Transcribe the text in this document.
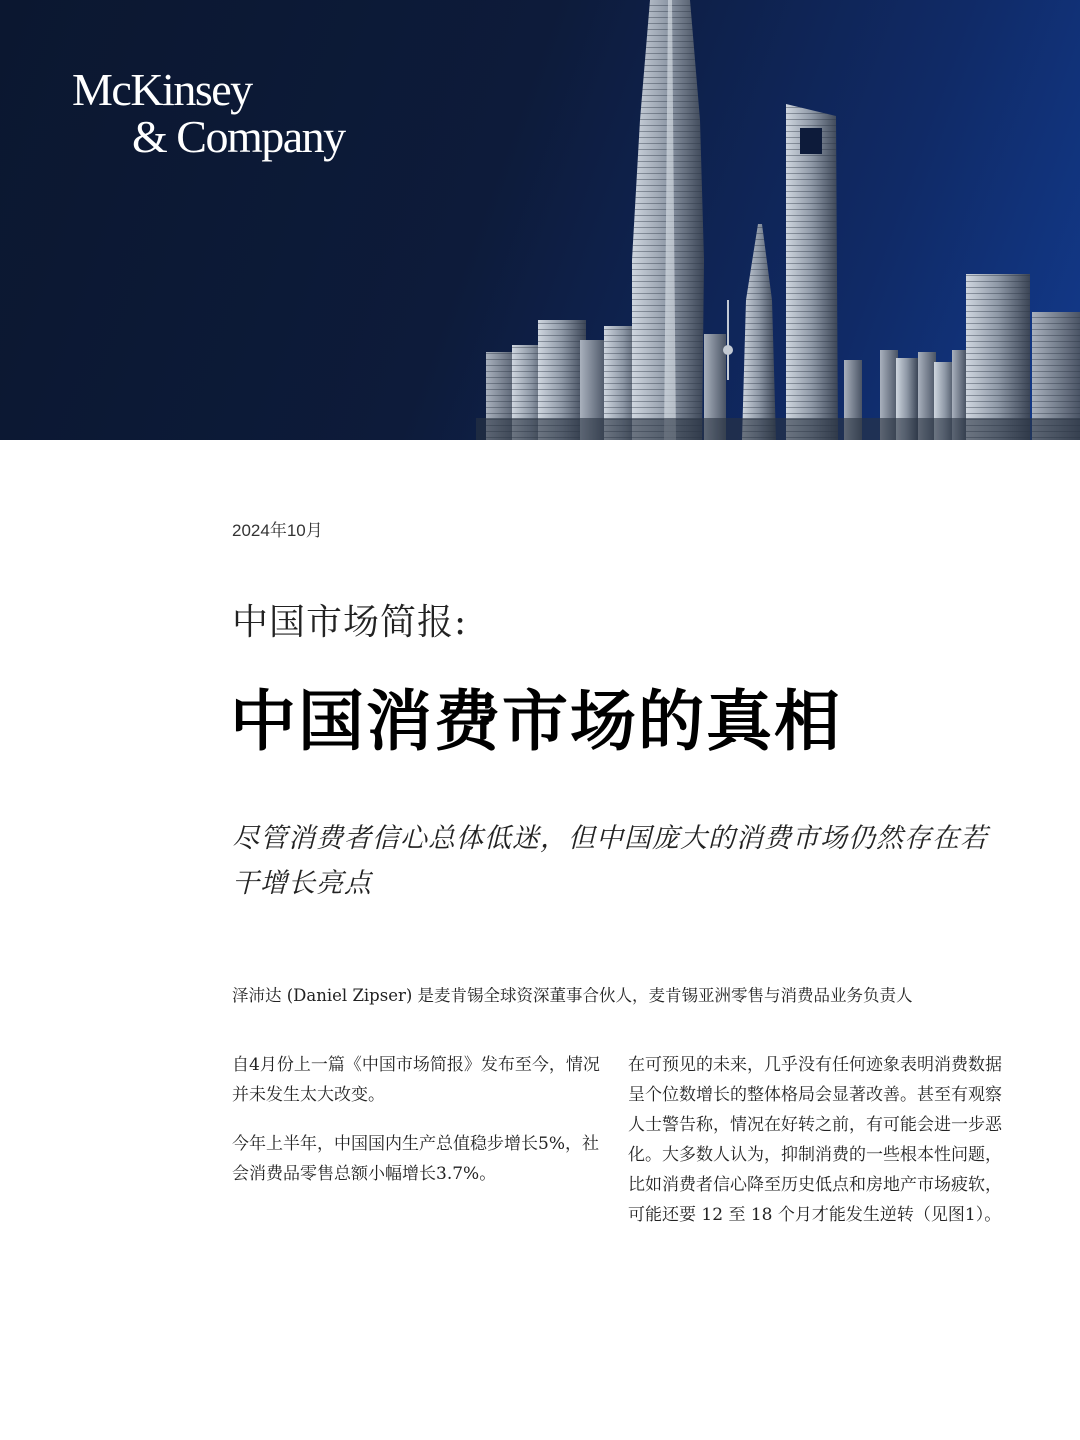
McKinsey
& Company
2024年10月
中国市场简报:
中国消费市场的真相
尽管消费者信心总体低迷，但中国庞大的消费市场仍然存在若干增长亮点
泽沛达 (Daniel Zipser) 是麦肯锡全球资深董事合伙人，麦肯锡亚洲零售与消费品业务负责人

自4月份上一篇《中国市场简报》发布至今，情况并未发生太大改变。

今年上半年，中国国内生产总值稳步增长5%，社会消费品零售总额小幅增长3.7%。

在可预见的未来，几乎没有任何迹象表明消费数据呈个位数增长的整体格局会显著改善。甚至有观察人士警告称，情况在好转之前，有可能会进一步恶化。大多数人认为，抑制消费的一些根本性问题，比如消费者信心降至历史低点和房地产市场疲软，可能还要 12 至 18 个月才能发生逆转（见图1）。
